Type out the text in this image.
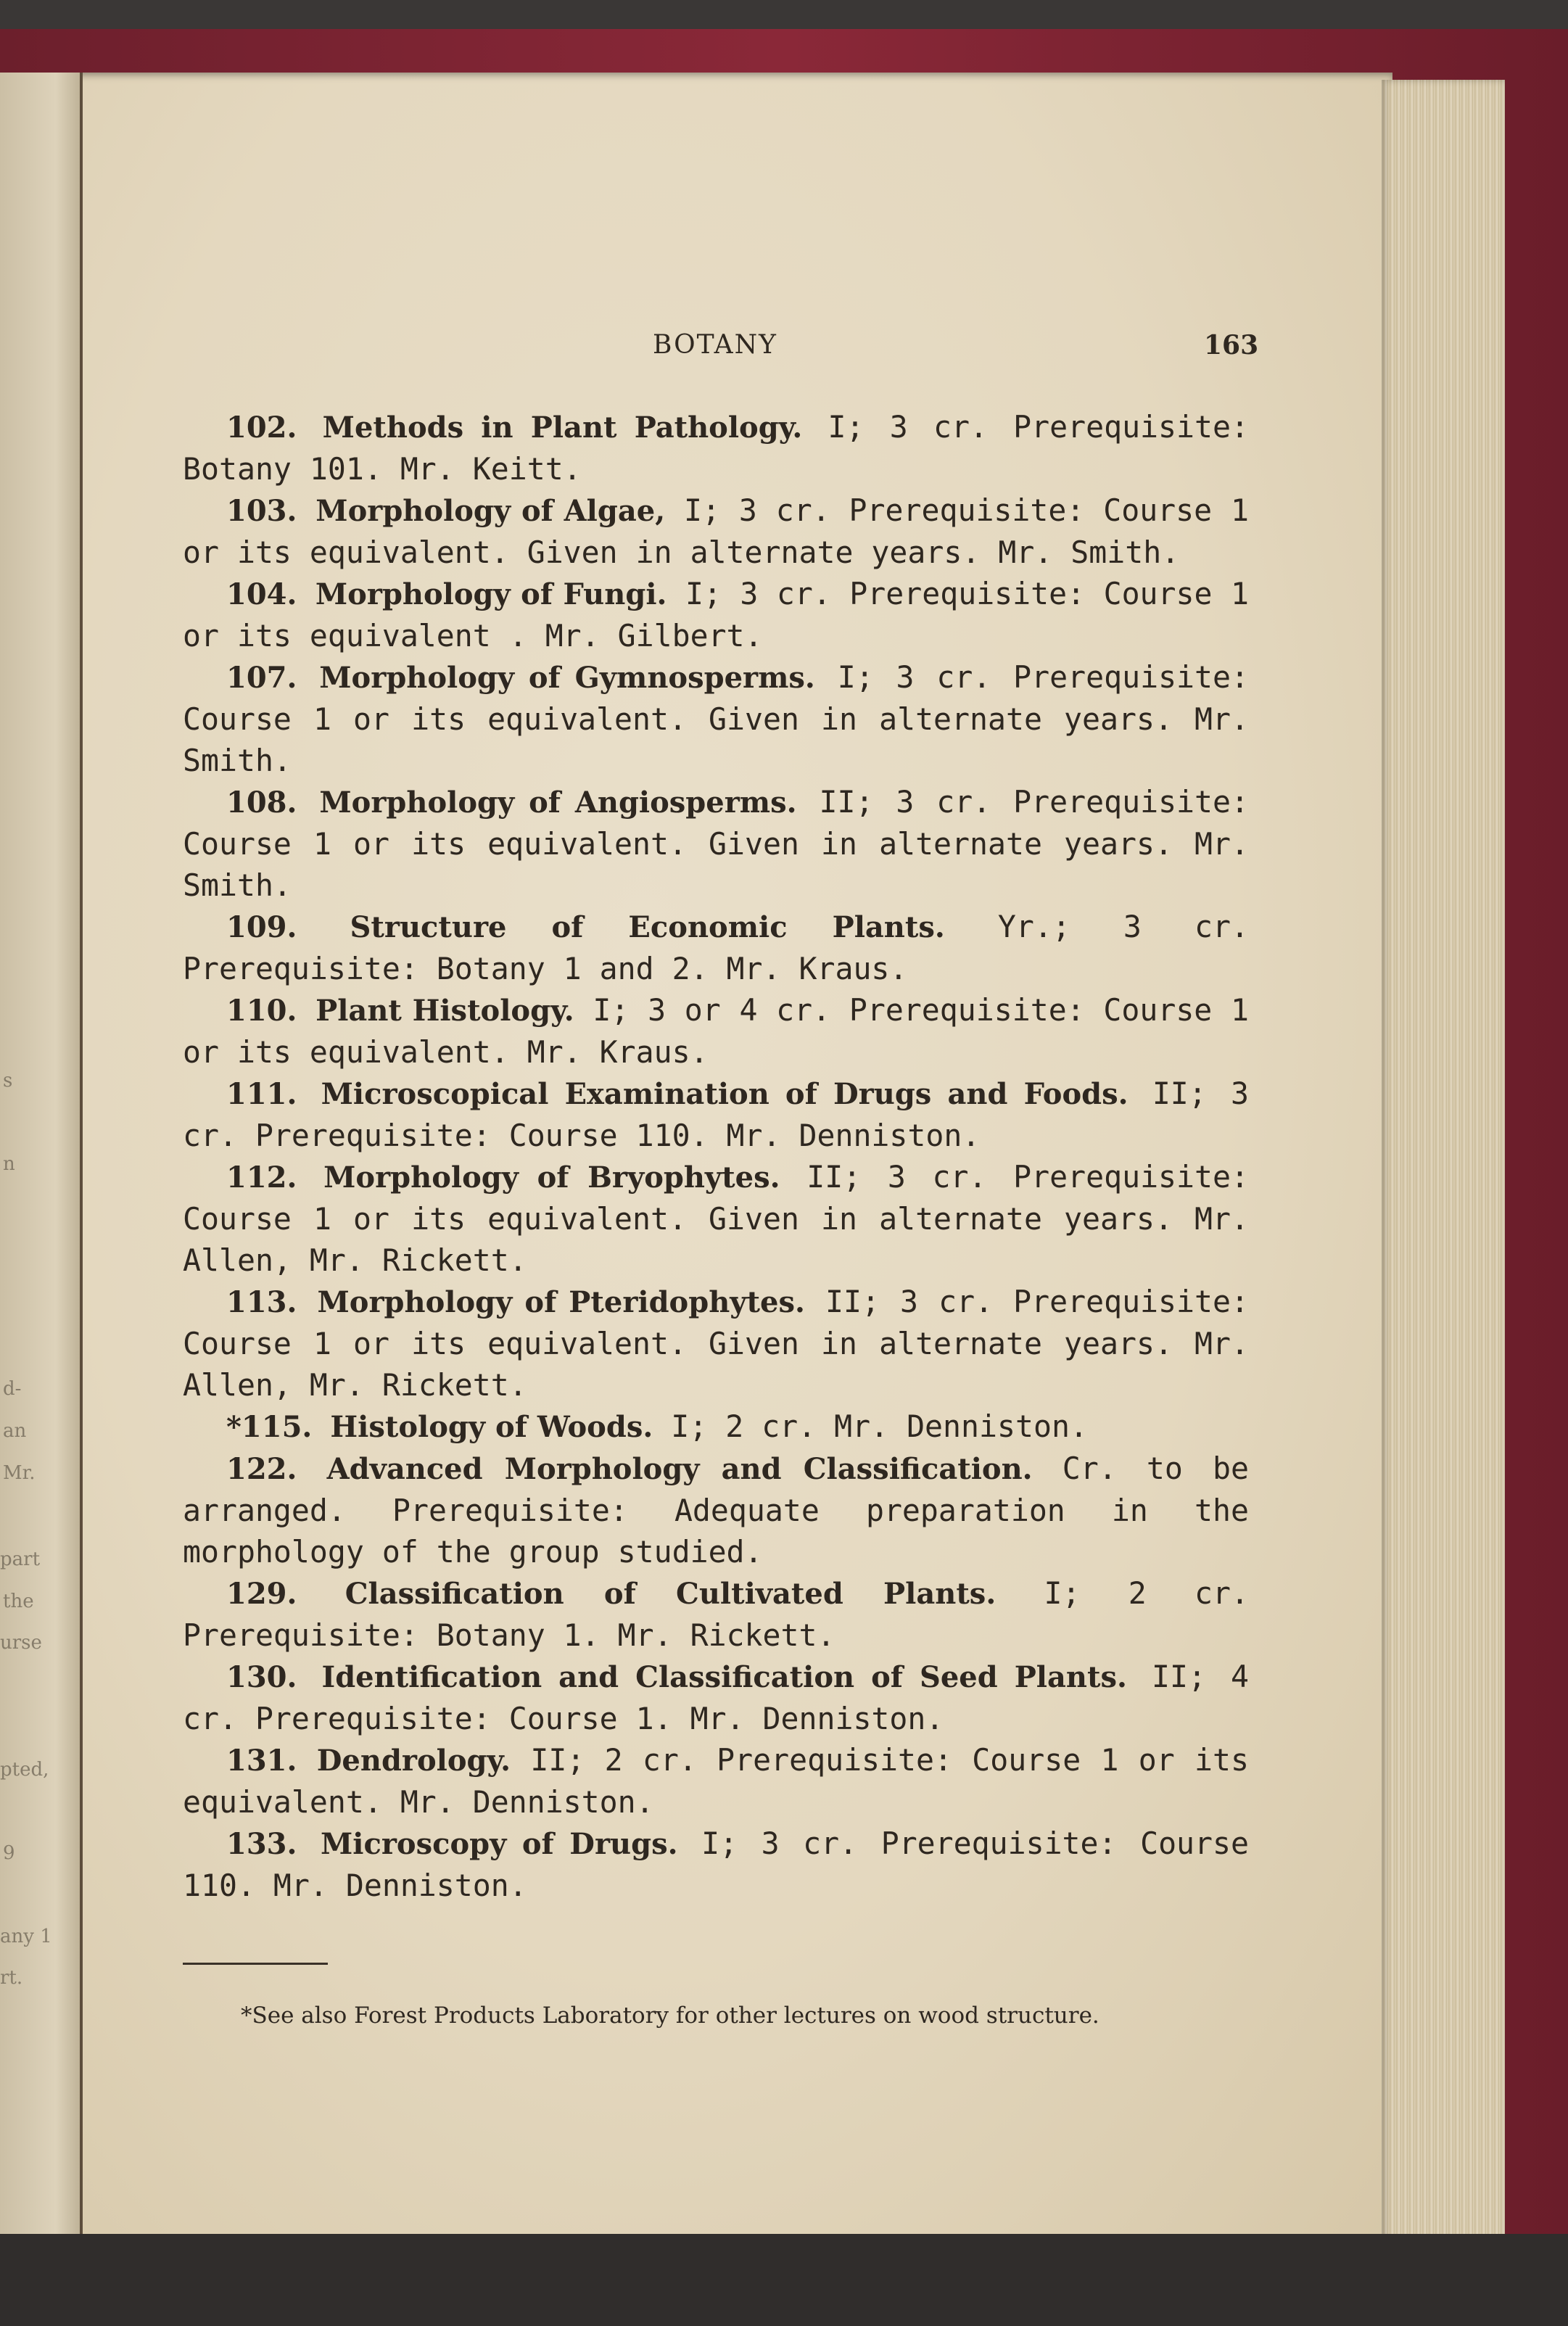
s
n
d-
an
Mr.
part
the
urse
pted,
9
any 1
rt.
BOTANY	163

102. Methods in Plant Pathology. I; 3 cr. Prerequisite: Botany 101. Mr. Keitt.

103. Morphology of Algae, I; 3 cr. Prerequisite: Course 1 or its equivalent. Given in alternate years. Mr. Smith.

104. Morphology of Fungi. I; 3 cr. Prerequisite: Course 1 or its equivalent . Mr. Gilbert.

107. Morphology of Gymnosperms. I; 3 cr. Prerequisite: Course 1 or its equivalent. Given in alternate years. Mr. Smith.

108. Morphology of Angiosperms. II; 3 cr. Prerequisite: Course 1 or its equivalent. Given in alternate years. Mr. Smith.

109. Structure of Economic Plants. Yr.; 3 cr. Prerequisite: Botany 1 and 2. Mr. Kraus.

110. Plant Histology. I; 3 or 4 cr. Prerequisite: Course 1 or its equivalent. Mr. Kraus.

111. Microscopical Examination of Drugs and Foods. II; 3 cr. Prerequisite: Course 110. Mr. Denniston.

112. Morphology of Bryophytes. II; 3 cr. Prerequisite: Course 1 or its equivalent. Given in alternate years. Mr. Allen, Mr. Rickett.

113. Morphology of Pteridophytes. II; 3 cr. Prerequisite: Course 1 or its equivalent. Given in alternate years. Mr. Allen, Mr. Rickett.

*115. Histology of Woods. I; 2 cr. Mr. Denniston.

122. Advanced Morphology and Classification. Cr. to be arranged. Prerequisite: Adequate preparation in the morphology of the group studied.

129. Classification of Cultivated Plants. I; 2 cr. Prerequisite: Botany 1. Mr. Rickett.

130. Identification and Classification of Seed Plants. II; 4 cr. Prerequisite: Course 1. Mr. Denniston.

131. Dendrology. II; 2 cr. Prerequisite: Course 1 or its equivalent. Mr. Denniston.

133. Microscopy of Drugs. I; 3 cr. Prerequisite: Course 110. Mr. Denniston.

*See also Forest Products Laboratory for other lectures on wood structure.
